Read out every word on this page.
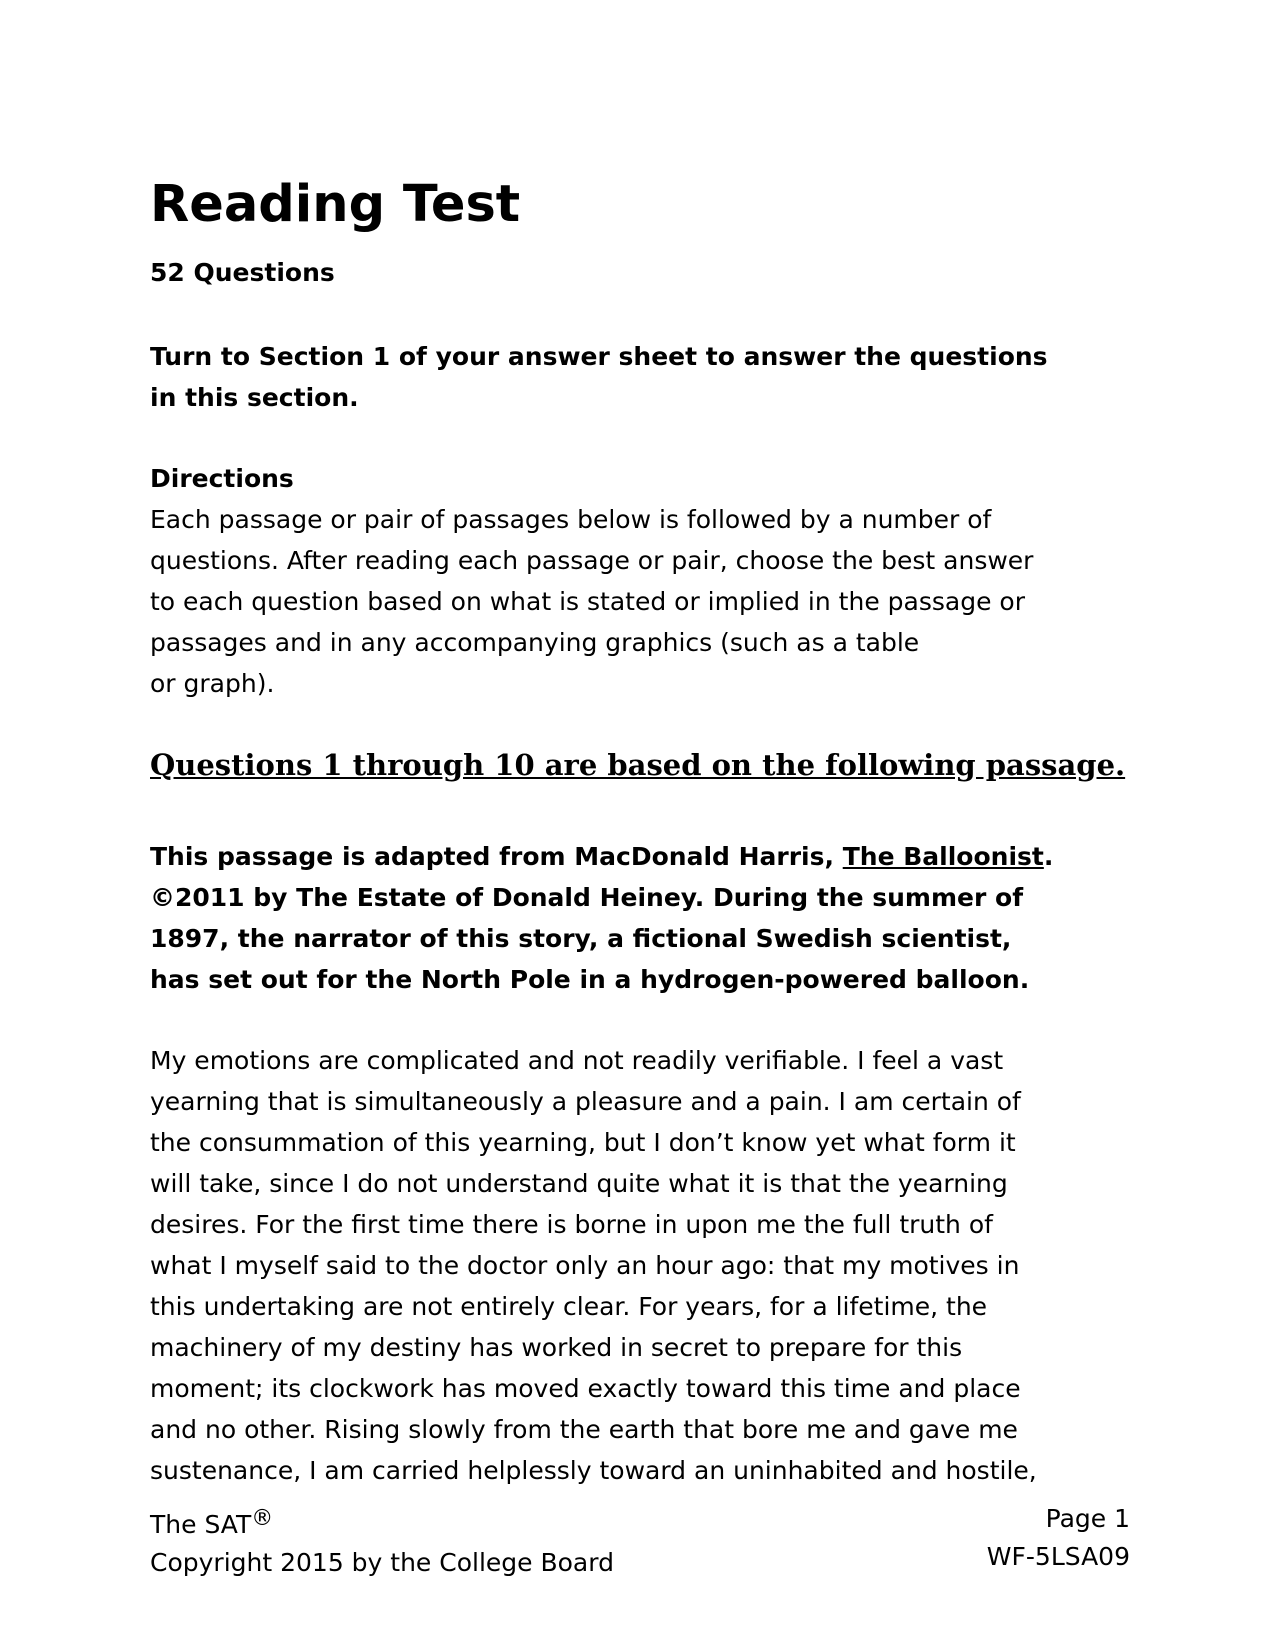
Reading Test
52 Questions
Turn to Section 1 of your answer sheet to answer the questions
in this section.
Directions
Each passage or pair of passages below is followed by a number of
questions. After reading each passage or pair, choose the best answer
to each question based on what is stated or implied in the passage or
passages and in any accompanying graphics (such as a table
or graph).
Questions 1 through 10 are based on the following passage.
This passage is adapted from MacDonald Harris, The Balloonist.
©2011 by The Estate of Donald Heiney. During the summer of
1897, the narrator of this story, a fictional Swedish scientist,
has set out for the North Pole in a hydrogen-powered balloon.
My emotions are complicated and not readily verifiable. I feel a vast
yearning that is simultaneously a pleasure and a pain. I am certain of
the consummation of this yearning, but I don’t know yet what form it
will take, since I do not understand quite what it is that the yearning
desires. For the first time there is borne in upon me the full truth of
what I myself said to the doctor only an hour ago: that my motives in
this undertaking are not entirely clear. For years, for a lifetime, the
machinery of my destiny has worked in secret to prepare for this
moment; its clockwork has moved exactly toward this time and place
and no other. Rising slowly from the earth that bore me and gave me
sustenance, I am carried helplessly toward an uninhabited and hostile,
The SAT®
Copyright 2015 by the College Board
Page 1
WF-5LSA09
